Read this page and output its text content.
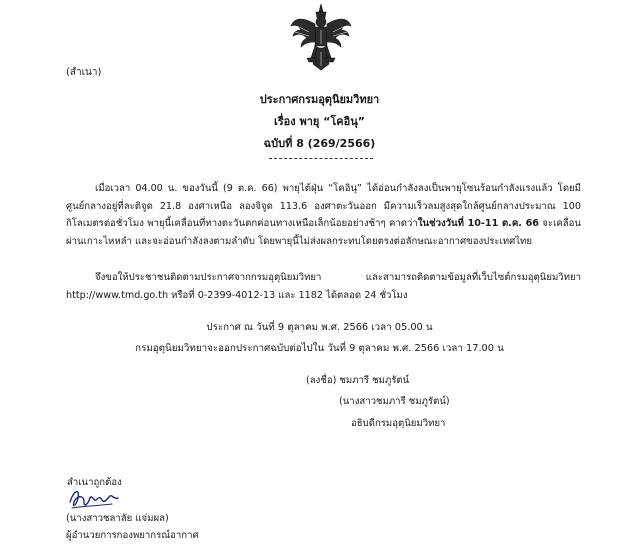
(สำเนา)
ประกาศกรมอุตุนิยมวิทยา
เรื่อง พายุ “โคอินุ”
ฉบับที่ 8 (269/2566)
เมื่อเวลา 04.00 น. ของวันนี้ (9 ต.ค. 66) พายุไต้ฝุ่น “โคอินุ” ได้อ่อนกำลังลงเป็นพายุโซนร้อนกำลังแรงแล้ว โดยมีศูนย์กลางอยู่ที่ละติจูด 21.8 องศาเหนือ ลองจิจูด 113.6 องศาตะวันออก มีความเร็วลมสูงสุดใกล้ศูนย์กลางประมาณ 100 กิโลเมตรต่อชั่วโมง พายุนี้เคลื่อนที่ทางตะวันตกค่อนทางเหนือเล็กน้อยอย่างช้าๆ คาดว่าในช่วงวันที่ 10-11 ต.ค. 66 จะเคลื่อนผ่านเกาะไหหลำ และจะอ่อนกำลังลงตามลำดับ โดยพายุนี้ไม่ส่งผลกระทบโดยตรงต่อลักษณะอากาศของประเทศไทย
จึงขอให้ประชาชนติดตามประกาศจากกรมอุตุนิยมวิทยา และสามารถติดตามข้อมูลที่เว็บไซต์กรมอุตุนิยมวิทยา http://www.tmd.go.th หรือที่ 0-2399-4012-13 และ 1182 ได้ตลอด 24 ชั่วโมง
ประกาศ ณ วันที่ 9 ตุลาคม พ.ศ. 2566 เวลา 05.00 น
กรมอุตุนิยมวิทยาจะออกประกาศฉบับต่อไปใน วันที่ 9 ตุลาคม พ.ศ. 2566 เวลา 17.00 น
(ลงชื่อ) ชมภารี ชมภูรัตน์
(นางสาวชมภารี ชมภูรัตน์)
อธิบดีกรมอุตุนิยมวิทยา
สำเนาถูกต้อง
(นางสาวชลาลัย แจ่มผล)
ผู้อำนวยการกองพยากรณ์อากาศ
